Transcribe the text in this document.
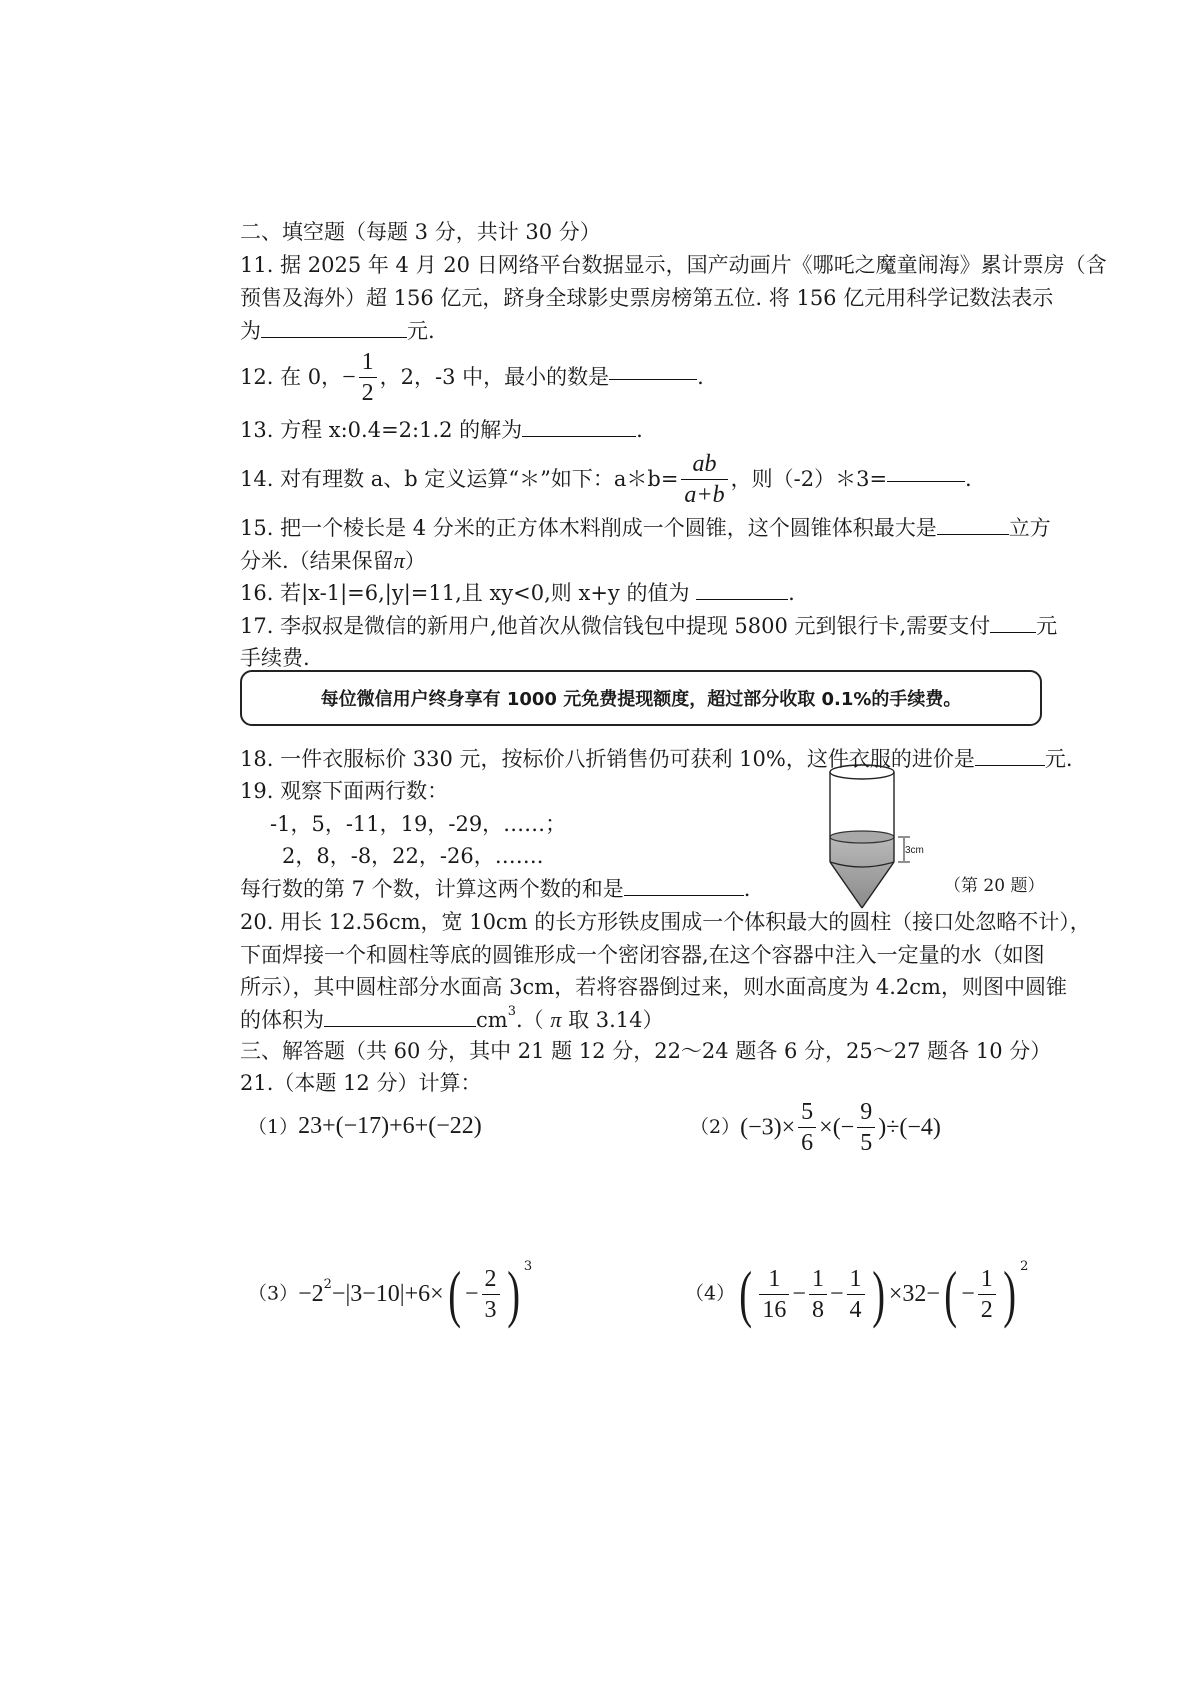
二、填空题（每题 3 分，共计 30 分）
11. 据 2025 年 4 月 20 日网络平台数据显示，国产动画片《哪吒之魔童闹海》累计票房（含
预售及海外）超 156 亿元，跻身全球影史票房榜第五位. 将 156 亿元用科学记数法表示
为	元.
12. 在 0，− $\frac{1}{2}$ ，2，-3 中，最小的数是	.
13. 方程 x:0.4=2:1.2 的解为	.
14. 对有理数 a、b 定义运算“＊”如下：a＊b= $\frac{ab}{a+b}$ ，则（-2）＊3=	.
15. 把一个棱长是 4 分米的正方体木料削成一个圆锥，这个圆锥体积最大是	立方
分米.（结果保留π）
16. 若|x-1|=6,|y|=11,且 xy<0,则 x+y 的值为	.
17. 李叔叔是微信的新用户,他首次从微信钱包中提现 5800 元到银行卡,需要支付 元
手续费.
每位微信用户终身享有 1000 元免费提现额度，超过部分收取 0.1%的手续费。
18. 一件衣服标价 330 元，按标价八折销售仍可获利 10%，这件衣服的进价是	元.
19. 观察下面两行数：
-1，5，-11，19，-29，……；
2，8，-8，22，-26，…….
每行数的第 7 个数，计算这两个数的和是	.
3cm
（第 20 题）
20. 用长 12.56cm，宽 10cm 的长方形铁皮围成一个体积最大的圆柱（接口处忽略不计），
下面焊接一个和圆柱等底的圆锥形成一个密闭容器,在这个容器中注入一定量的水（如图
所示），其中圆柱部分水面高 3cm，若将容器倒过来，则水面高度为 4.2cm，则图中圆锥
的体积为	$cm^3$.（ π 取 3.14）
三、解答题（共 60 分，其中 21 题 12 分，22～24 题各 6 分，25～27 题各 10 分）
21.（本题 12 分）计算：
（1）23+(−17)+6+(−22)	$(2)(-3)\times \frac{5}{6}$ ×(− $\frac{9}{5} )\div(-4)$
$(3)-2^2-|3-10|+6\times( - \frac{2}{3}$ ) $^3$
$(4)( \frac{1}{16} - \frac{1}{8} - \frac{1}{4}$ ) $\times 32-( - \frac{1}{2}$ ) $^2$
